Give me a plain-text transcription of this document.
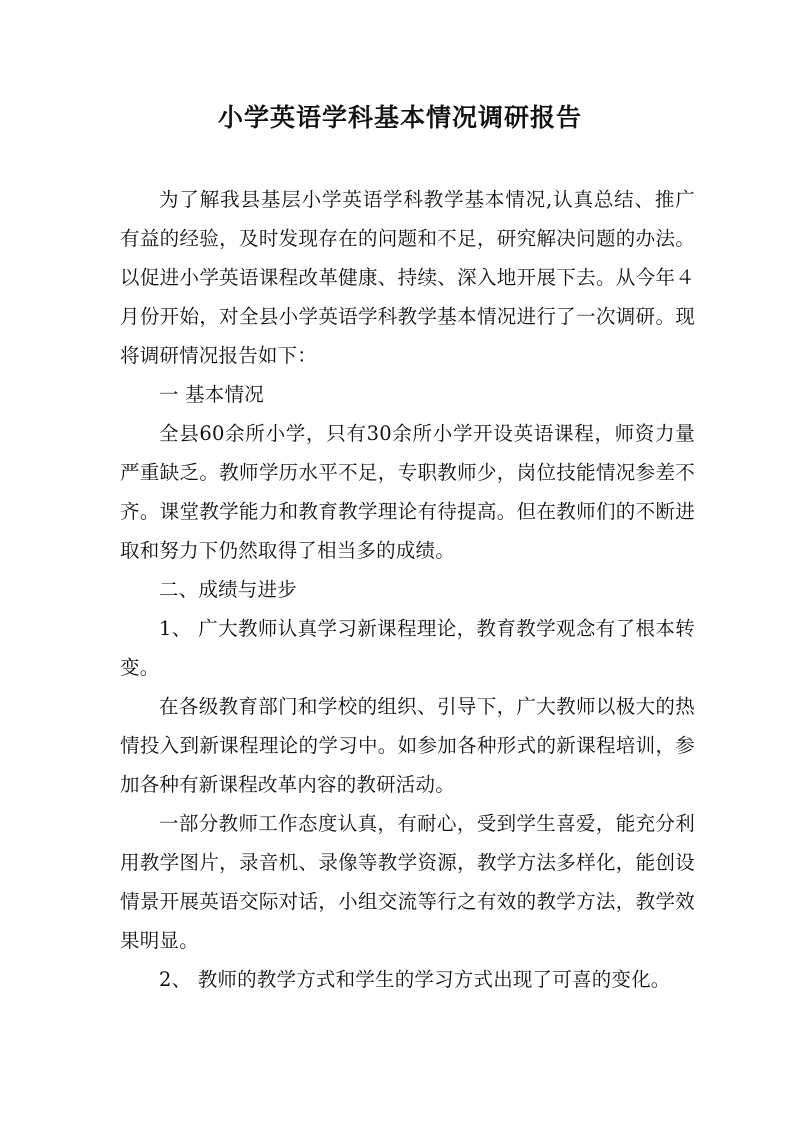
小学英语学科基本情况调研报告

为了解我县基层小学英语学科教学基本情况,认真总结、推广有益的经验，及时发现存在的问题和不足，研究解决问题的办法。以促进小学英语课程改革健康、持续、深入地开展下去。从今年４月份开始，对全县小学英语学科教学基本情况进行了一次调研。现将调研情况报告如下：

一 基本情况

全县60余所小学，只有30余所小学开设英语课程，师资力量严重缺乏。教师学历水平不足，专职教师少，岗位技能情况参差不齐。课堂教学能力和教育教学理论有待提高。但在教师们的不断进取和努力下仍然取得了相当多的成绩。

二、成绩与进步

1、 广大教师认真学习新课程理论，教育教学观念有了根本转变。

在各级教育部门和学校的组织、引导下，广大教师以极大的热情投入到新课程理论的学习中。如参加各种形式的新课程培训，参加各种有新课程改革内容的教研活动。

一部分教师工作态度认真，有耐心，受到学生喜爱，能充分利用教学图片，录音机、录像等教学资源，教学方法多样化，能创设情景开展英语交际对话，小组交流等行之有效的教学方法，教学效果明显。

2、 教师的教学方式和学生的学习方式出现了可喜的变化。
